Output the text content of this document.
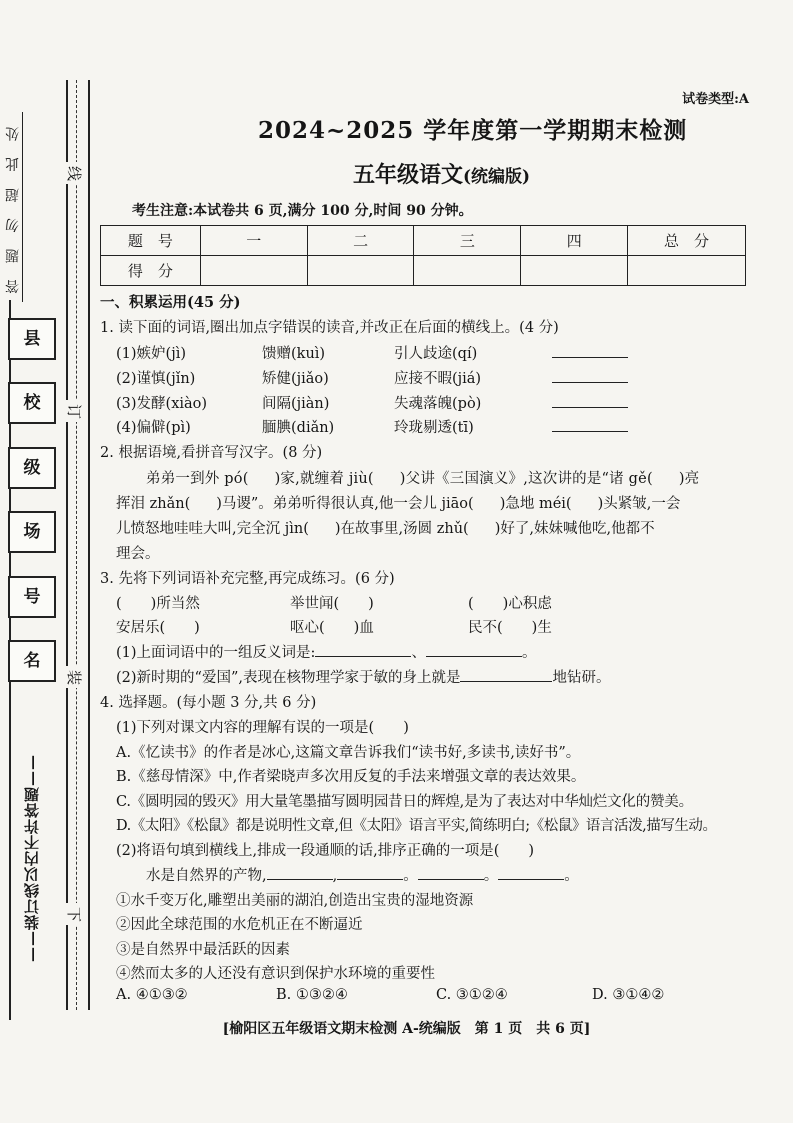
答 题 勿 超 此 处	线
订
装
下
县
校
级
场
号
名
——装订线以内不许答题——
试卷类型:A
2024~2025 学年度第一学期期末检测
五年级语文(统编版)
考生注意:本试卷共 6 页,满分 100 分,时间 90 分钟。
题　号	一	二	三	四	总　分
得　分					
一、积累运用(45 分)
1. 读下面的词语,圈出加点字错误的读音,并改正在后面的横线上。(4 分)
(1)嫉妒(jì)	馈赠(kuì)	引人歧途(qí)
(2)谨慎(jǐn)	矫健(jiǎo)	应接不暇(jiá)
(3)发酵(xiào)	间隔(jiàn)	失魂落魄(pò)
(4)偏僻(pì)	腼腆(diǎn)	玲珑剔透(tī)
2. 根据语境,看拼音写汉字。(8 分)
弟弟一到外 pó( )家,就缠着 jiù( )父讲《三国演义》,这次讲的是“诸 gě( )亮
挥泪 zhǎn( )马谡”。弟弟听得很认真,他一会儿 jiāo( )急地 méi( )头紧皱,一会
儿愤怒地哇哇大叫,完全沉 jìn( )在故事里,汤圆 zhǔ( )好了,妹妹喊他吃,他都不
理会。
3. 先将下列词语补充完整,再完成练习。(6 分)
(　　)所当然	举世闻(　　)	(　　)心积虑
安居乐(　　)	呕心(　　)血	民不(　　)生
(1)上面词语中的一组反义词是:	、	。
(2)新时期的“爱国”,表现在核物理学家于敏的身上就是	地钻研。
4. 选择题。(每小题 3 分,共 6 分)
(1)下列对课文内容的理解有误的一项是(　　)
A.《忆读书》的作者是冰心,这篇文章告诉我们“读书好,多读书,读好书”。
B.《慈母情深》中,作者梁晓声多次用反复的手法来增强文章的表达效果。
C.《圆明园的毁灭》用大量笔墨描写圆明园昔日的辉煌,是为了表达对中华灿烂文化的赞美。
D.《太阳》《松鼠》都是说明性文章,但《太阳》语言平实,简练明白;《松鼠》语言活泼,描写生动。
(2)将语句填到横线上,排成一段通顺的话,排序正确的一项是(　　)
水是自然界的产物,	,	。	。	。
①水千变万化,雕塑出美丽的湖泊,创造出宝贵的湿地资源
②因此全球范围的水危机正在不断逼近
③是自然界中最活跃的因素
④然而太多的人还没有意识到保护水环境的重要性
A. ④①③②	B. ①③②④	C. ③①②④	D. ③①④②
[榆阳区五年级语文期末检测 A-统编版　第 1 页　共 6 页]
